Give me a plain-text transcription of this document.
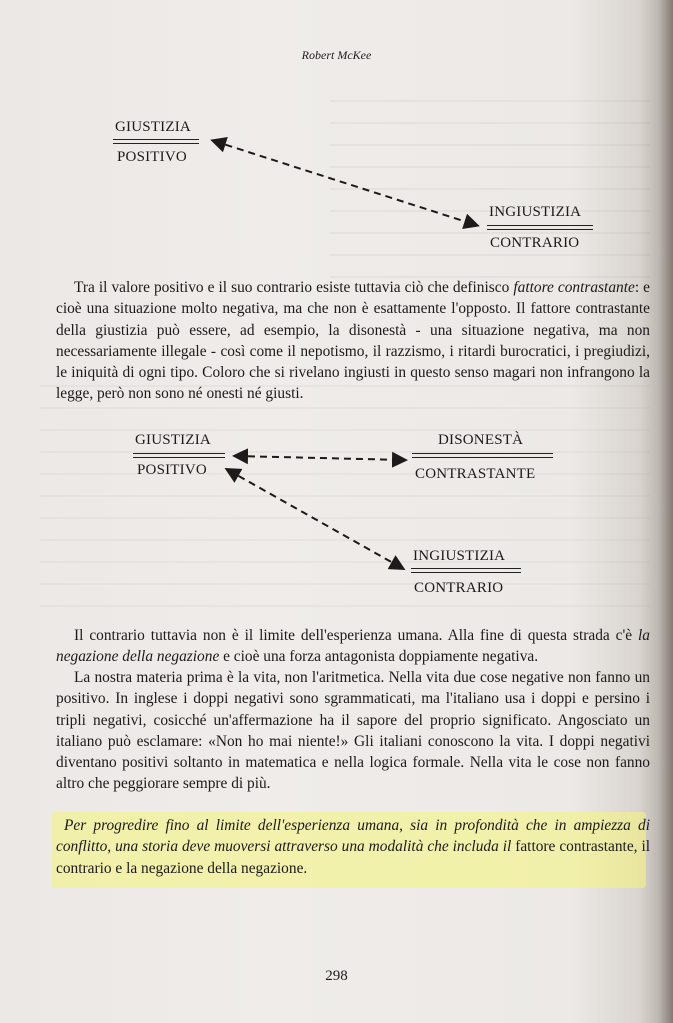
Robert McKee
GIUSTIZIA
POSITIVO
INGIUSTIZIA
CONTRARIO
GIUSTIZIA
POSITIVO
DISONESTÀ
CONTRASTANTE
INGIUSTIZIA
CONTRARIO

Tra il valore positivo e il suo contrario esiste tuttavia ciò che definisco fattore contrastante: e cioè una situazione molto negativa, ma che non è esattamente l'opposto. Il fattore contrastante della giustizia può essere, ad esempio, la disonestà - una situazione negativa, ma non necessariamente illegale - così come il nepotismo, il razzismo, i ritardi burocratici, i pregiudizi, le iniquità di ogni tipo. Coloro che si rivelano ingiusti in questo senso magari non infrangono la legge, però non sono né onesti né giusti.

Il contrario tuttavia non è il limite dell'esperienza umana. Alla fine di questa strada c'è la negazione della negazione e cioè una forza antagonista doppiamente negativa.

La nostra materia prima è la vita, non l'aritmetica. Nella vita due cose negative non fanno un positivo. In inglese i doppi negativi sono sgrammaticati, ma l'italiano usa i doppi e persino i tripli negativi, cosicché un'affermazione ha il sapore del proprio significato. Angosciato un italiano può esclamare: «Non ho mai niente!» Gli italiani conoscono la vita. I doppi negativi diventano positivi soltanto in matematica e nella logica formale. Nella vita le cose non fanno altro che peggiorare sempre di più.

Per progredire fino al limite dell'esperienza umana, sia in profondità che in ampiezza di conflitto, una storia deve muoversi attraverso una modalità che includa il fattore contrastante, il contrario e la negazione della negazione.

298
